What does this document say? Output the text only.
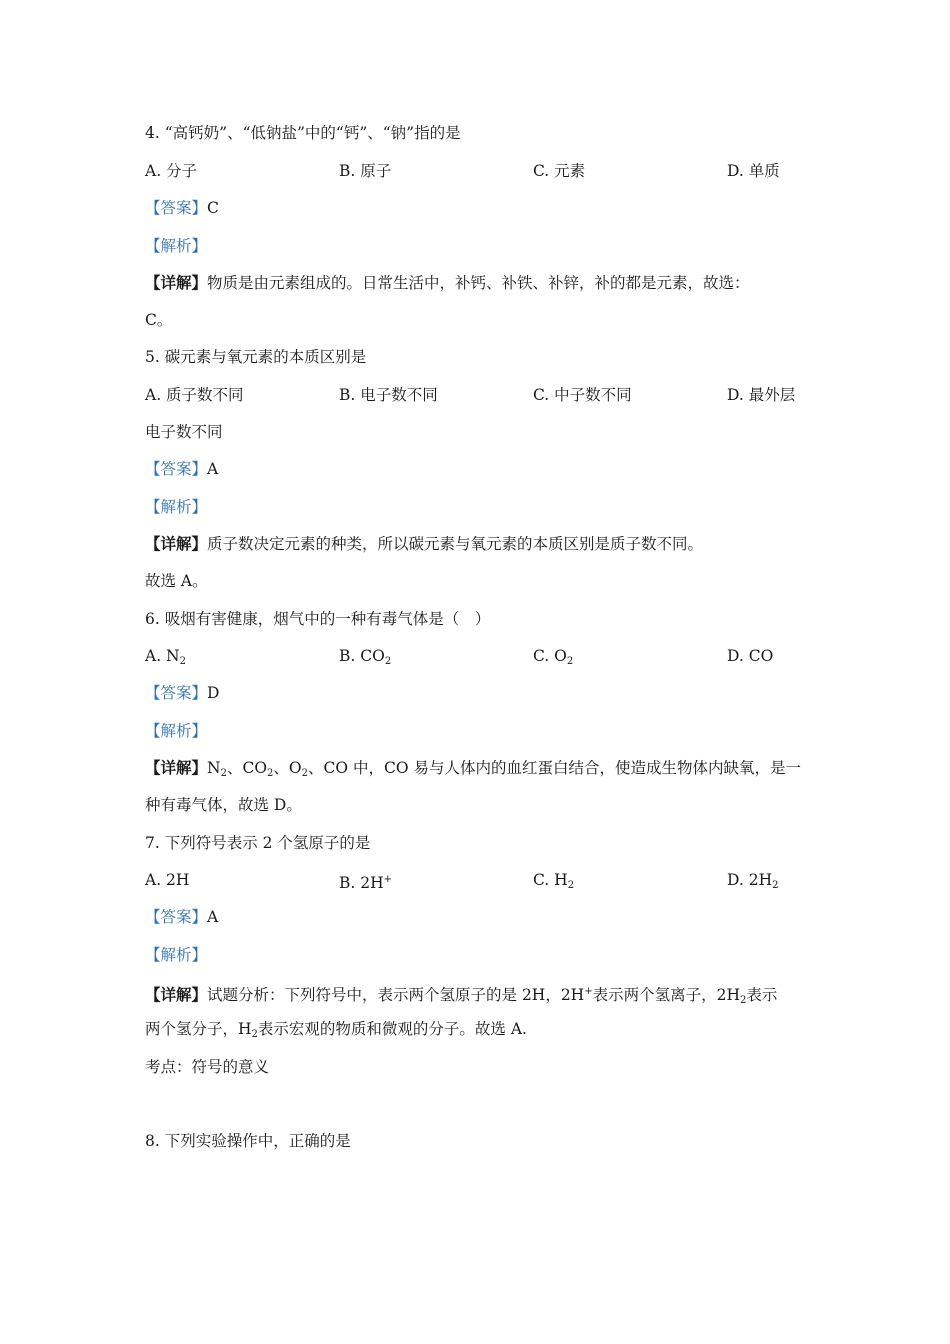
4. “高钙奶”、“低钠盐”中的“钙”、“钠”指的是
A. 分子	B. 原子	C. 元素	D. 单质
【答案】C
【解析】
【详解】物质是由元素组成的。日常生活中，补钙、补铁、补锌，补的都是元素，故选：
C。
5. 碳元素与氧元素的本质区别是
A. 质子数不同	B. 电子数不同	C. 中子数不同	D. 最外层
电子数不同
【答案】A
【解析】
【详解】质子数决定元素的种类，所以碳元素与氧元素的本质区别是质子数不同。
故选 A。
6. 吸烟有害健康，烟气中的一种有毒气体是（　）
A. $N_2$	B. $CO_2$	C. $O_2$	D. CO
【答案】D
【解析】
【详解】$N_2$、$CO_2$、$O_2$、CO 中，CO 易与人体内的血红蛋白结合，使造成生物体内缺氧，是一
种有毒气体，故选 D。
7. 下列符号表示 2 个氢原子的是
A. 2H	B. 2H+	C. $H_2$	D. $2H_2$
【答案】A
【解析】
【详解】试题分析：下列符号中，表示两个氢原子的是 2H，2H+表示两个氢离子，$2H_2$表示
两个氢分子，$H_2$表示宏观的物质和微观的分子。故选 A.
考点：符号的意义
8. 下列实验操作中，正确的是
